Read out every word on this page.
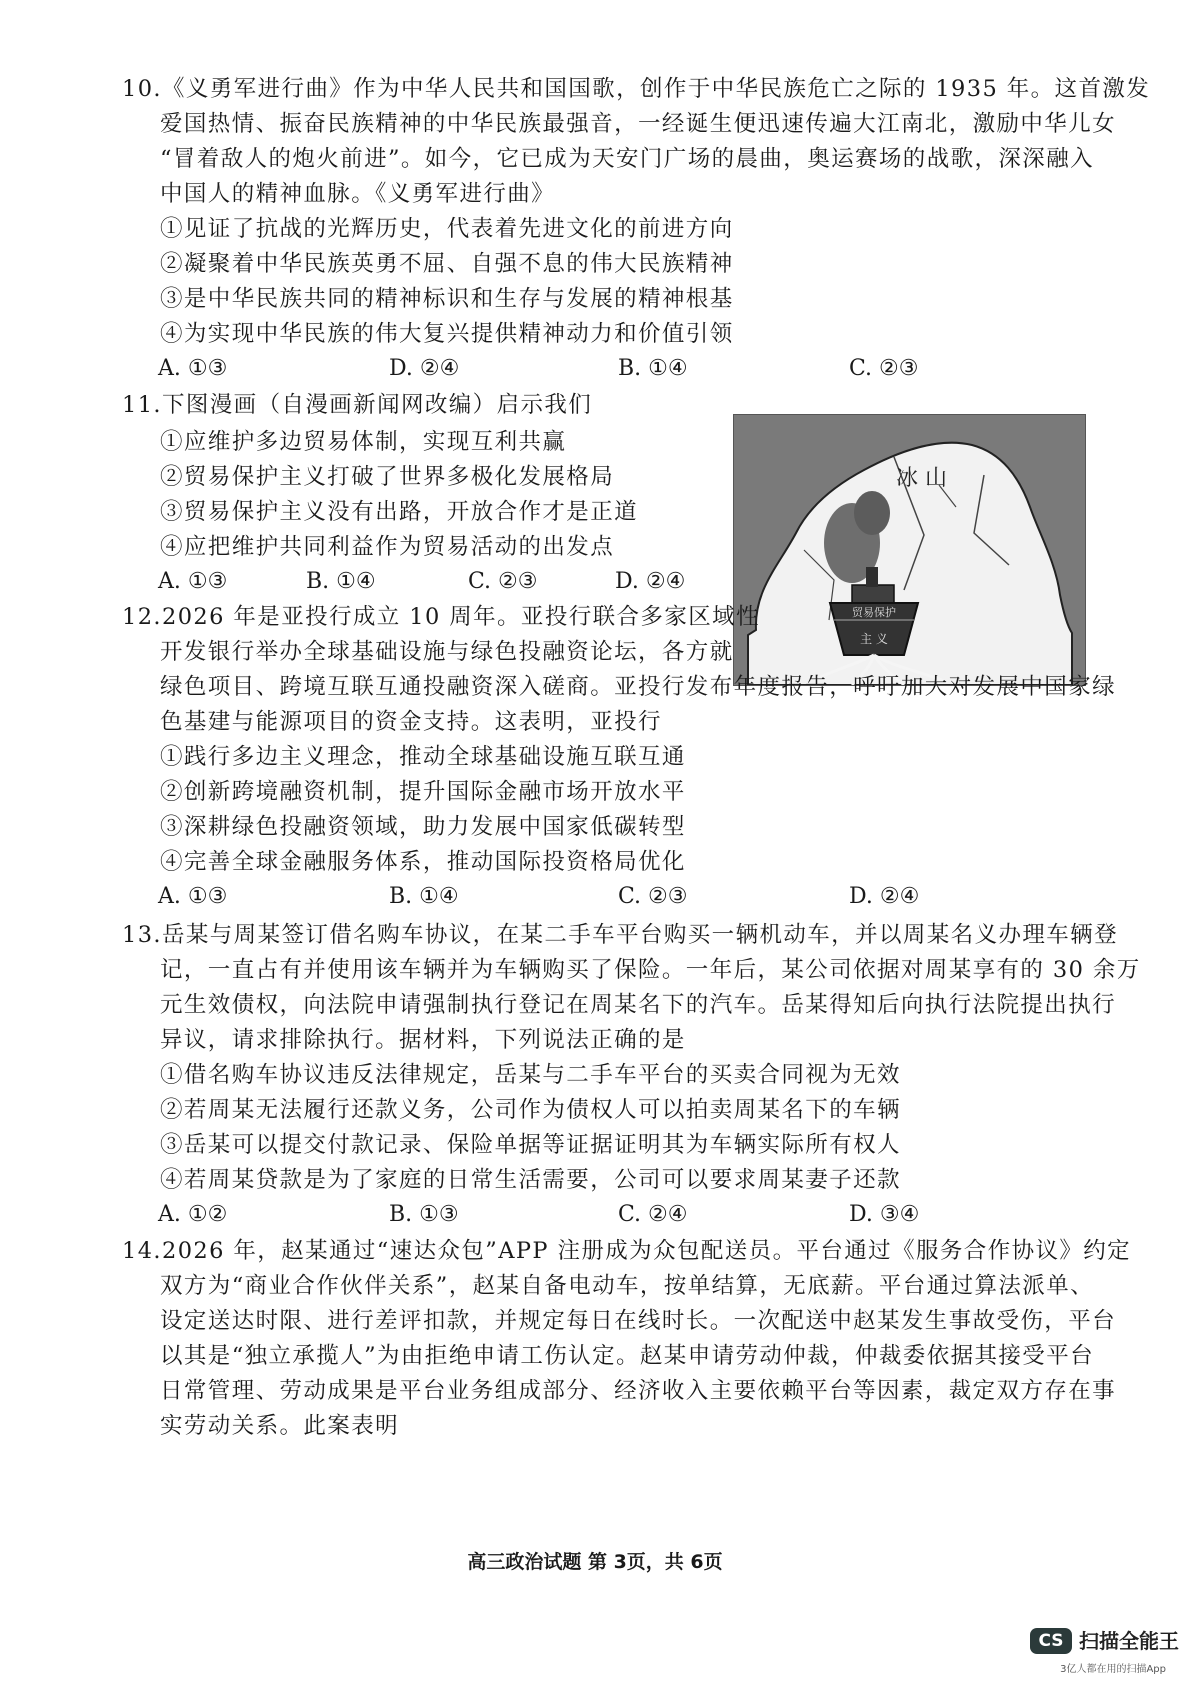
10.《义勇军进行曲》作为中华人民共和国国歌，创作于中华民族危亡之际的 1935 年。这首激发
爱国热情、振奋民族精神的中华民族最强音，一经诞生便迅速传遍大江南北，激励中华儿女
“冒着敌人的炮火前进”。如今，它已成为天安门广场的晨曲，奥运赛场的战歌，深深融入
中国人的精神血脉。《义勇军进行曲》
①见证了抗战的光辉历史，代表着先进文化的前进方向
②凝聚着中华民族英勇不屈、自强不息的伟大民族精神
③是中华民族共同的精神标识和生存与发展的精神根基
④为实现中华民族的伟大复兴提供精神动力和价值引领
A. ①③	D. ②④	B. ①④	C. ②③
11.下图漫画（自漫画新闻网改编）启示我们
①应维护多边贸易体制，实现互利共赢
②贸易保护主义打破了世界多极化发展格局
③贸易保护主义没有出路，开放合作才是正道
④应把维护共同利益作为贸易活动的出发点
A. ①③	B. ①④	C. ②③	D. ②④
冰 山
贸易保护
主 义
12.2026 年是亚投行成立 10 周年。亚投行联合多家区域性
开发银行举办全球基础设施与绿色投融资论坛，各方就
绿色项目、跨境互联互通投融资深入磋商。亚投行发布年度报告，呼吁加大对发展中国家绿
色基建与能源项目的资金支持。这表明，亚投行
①践行多边主义理念，推动全球基础设施互联互通
②创新跨境融资机制，提升国际金融市场开放水平
③深耕绿色投融资领域，助力发展中国家低碳转型
④完善全球金融服务体系，推动国际投资格局优化
A. ①③	B. ①④	C. ②③	D. ②④
13.岳某与周某签订借名购车协议，在某二手车平台购买一辆机动车，并以周某名义办理车辆登
记，一直占有并使用该车辆并为车辆购买了保险。一年后，某公司依据对周某享有的 30 余万
元生效债权，向法院申请强制执行登记在周某名下的汽车。岳某得知后向执行法院提出执行
异议，请求排除执行。据材料，下列说法正确的是
①借名购车协议违反法律规定，岳某与二手车平台的买卖合同视为无效
②若周某无法履行还款义务，公司作为债权人可以拍卖周某名下的车辆
③岳某可以提交付款记录、保险单据等证据证明其为车辆实际所有权人
④若周某贷款是为了家庭的日常生活需要，公司可以要求周某妻子还款
A. ①②	B. ①③	C. ②④	D. ③④
14.2026 年，赵某通过“速达众包”APP 注册成为众包配送员。平台通过《服务合作协议》约定
双方为“商业合作伙伴关系”，赵某自备电动车，按单结算，无底薪。平台通过算法派单、
设定送达时限、进行差评扣款，并规定每日在线时长。一次配送中赵某发生事故受伤，平台
以其是“独立承揽人”为由拒绝申请工伤认定。赵某申请劳动仲裁，仲裁委依据其接受平台
日常管理、劳动成果是平台业务组成部分、经济收入主要依赖平台等因素，裁定双方存在事
实劳动关系。此案表明
高三政治试题 第 3页，共 6页
CS 扫描全能王
3亿人都在用的扫描App
